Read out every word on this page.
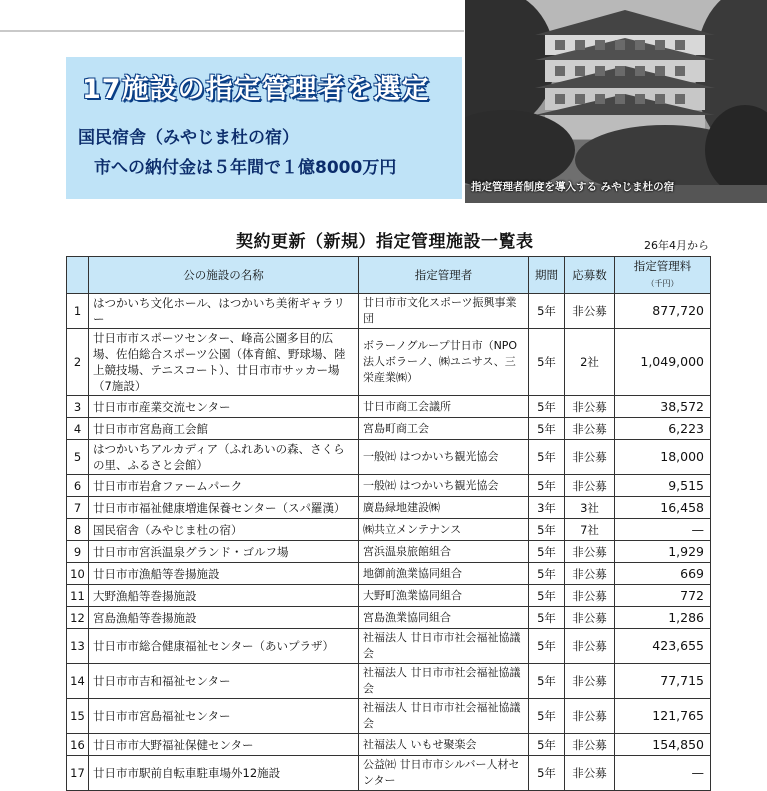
17施設の指定管理者を選定
国民宿舎（みやじま杜の宿）
市への納付金は５年間で１億8000万円
指定管理者制度を導入する みやじま杜の宿
契約更新（新規）指定管理施設一覧表	26年4月から
	公の施設の名称	指定管理者	期間	応募数	指定管理料（千円）
1	はつかいち文化ホール、はつかいち美術ギャラリー	廿日市市文化スポーツ振興事業団	5年	非公募	877,720
2	廿日市市スポーツセンター、峰高公園多目的広場、佐伯総合スポーツ公園（体育館、野球場、陸上競技場、テニスコート）、廿日市市サッカー場（7施設）	ボラーノグループ廿日市（NPO法人ボラーノ、㈱ユニサス、三栄産業㈱）	5年	2社	1,049,000
3	廿日市市産業交流センター	廿日市商工会議所	5年	非公募	38,572
4	廿日市市宮島商工会館	宮島町商工会	5年	非公募	6,223
5	はつかいちアルカディア（ふれあいの森、さくらの里、ふるさと会館）	一般㈳ はつかいち観光協会	5年	非公募	18,000
6	廿日市市岩倉ファームパーク	一般㈳ はつかいち観光協会	5年	非公募	9,515
7	廿日市市福祉健康増進保養センター（スパ羅漢）	廣島緑地建設㈱	3年	3社	16,458
8	国民宿舎（みやじま杜の宿）	㈱共立メンテナンス	5年	7社	—
9	廿日市市宮浜温泉グランド・ゴルフ場	宮浜温泉旅館組合	5年	非公募	1,929
10	廿日市市漁船等巻揚施設	地御前漁業協同組合	5年	非公募	669
11	大野漁船等巻揚施設	大野町漁業協同組合	5年	非公募	772
12	宮島漁船等巻揚施設	宮島漁業協同組合	5年	非公募	1,286
13	廿日市市総合健康福祉センター（あいプラザ）	社福法人 廿日市市社会福祉協議会	5年	非公募	423,655
14	廿日市市吉和福祉センター	社福法人 廿日市市社会福祉協議会	5年	非公募	77,715
15	廿日市市宮島福祉センター	社福法人 廿日市市社会福祉協議会	5年	非公募	121,765
16	廿日市市大野福祉保健センター	社福法人 いもせ聚楽会	5年	非公募	154,850
17	廿日市市駅前自転車駐車場外12施設	公益㈳ 廿日市市シルバー人材センター	5年	非公募	—
